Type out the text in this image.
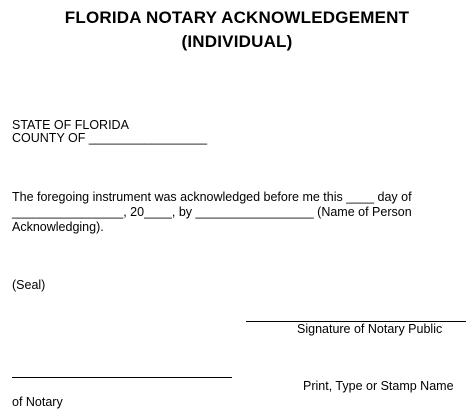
FLORIDA NOTARY ACKNOWLEDGEMENT
(INDIVIDUAL)
STATE OF FLORIDA
COUNTY OF _________________
The foregoing instrument was acknowledged before me this ____ day of
________________, 20____, by _________________ (Name of Person
Acknowledging).
(Seal)
Signature of Notary Public
Print, Type or Stamp Name
of Notary
